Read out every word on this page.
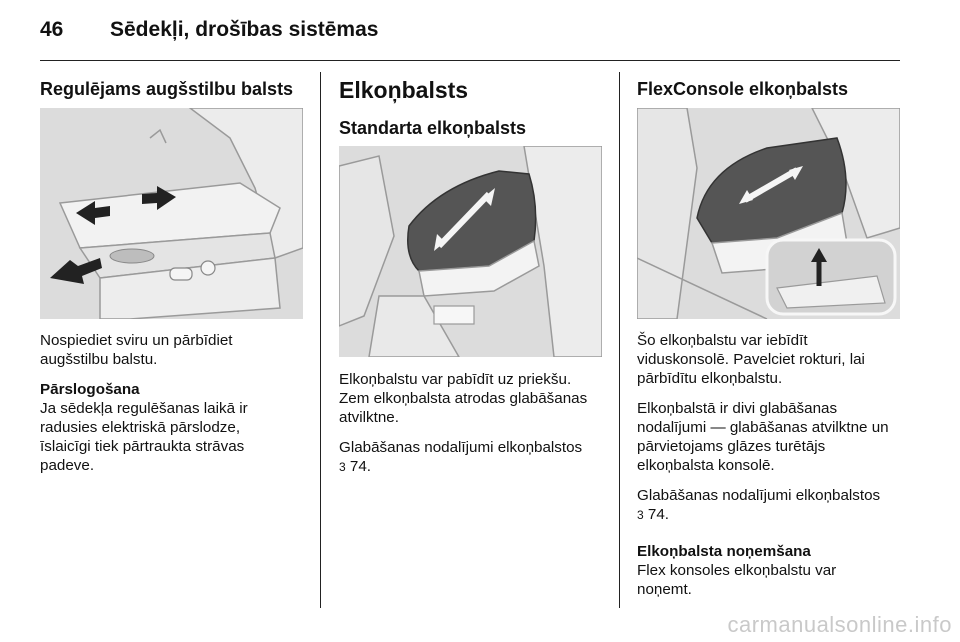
46 Sēdekļi, drošības sistēmas
Regulējams augšstilbu balsts

Nospiediet sviru un pārbīdiet

augšstilbu balstu.

Pārslogošana

Ja sēdekļa regulēšanas laikā ir

radusies elektriskā pārslodze,

īslaicīgi tiek pārtraukta strāvas

padeve.

Elkoņbalsts
Standarta elkoņbalsts

Elkoņbalstu var pabīdīt uz priekšu.

Zem elkoņbalsta atrodas glabāšanas

atvilktne.

Glabāšanas nodalījumi elkoņbalstos

3 74.

FlexConsole elkoņbalsts

Šo elkoņbalstu var iebīdīt

viduskonsolē. Pavelciet rokturi, lai

pārbīdītu elkoņbalstu.

Elkoņbalstā ir divi glabāšanas

nodalījumi — glabāšanas atvilktne un

pārvietojams glāzes turētājs

elkoņbalsta konsolē.

Glabāšanas nodalījumi elkoņbalstos

3 74.

Elkoņbalsta noņemšana

Flex konsoles elkoņbalstu var

noņemt.

carmanualsonline.info
